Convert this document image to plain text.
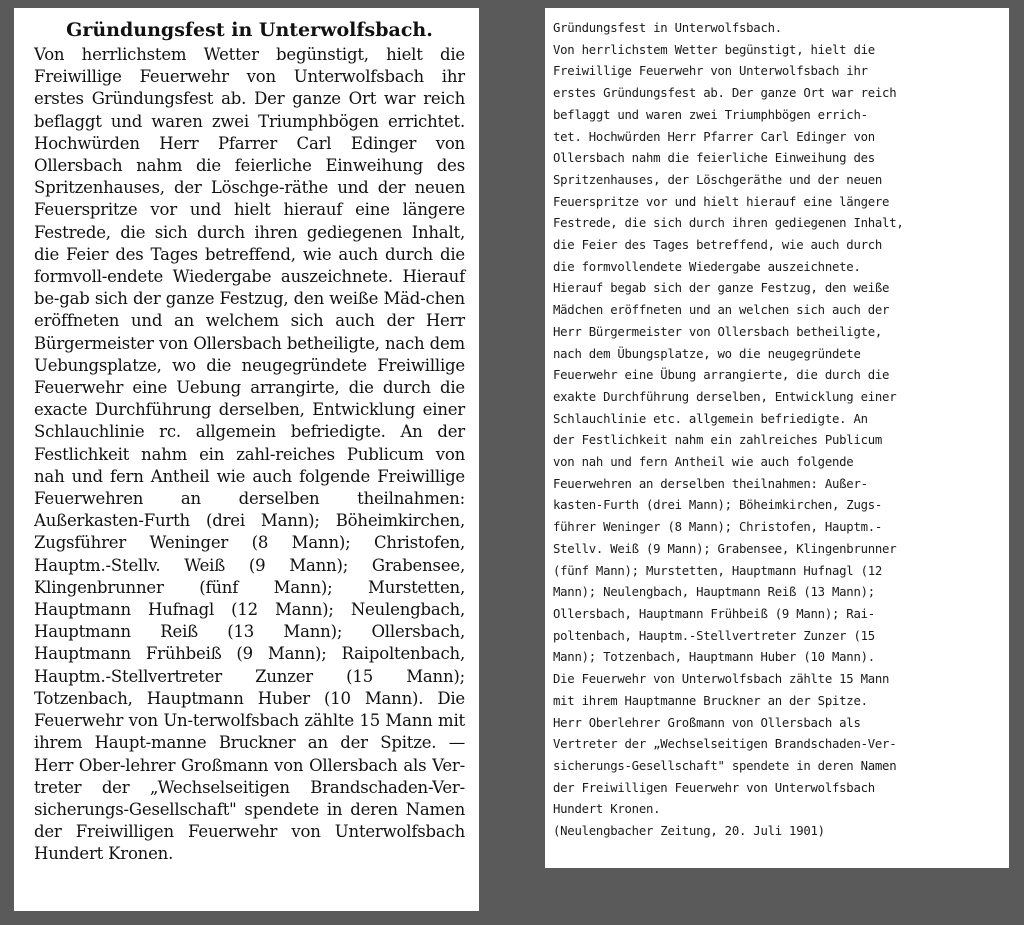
Gründungsfest in Unterwolfsbach.
Von herrlichstem Wetter begünstigt, hielt die Freiwillige Feuerwehr von Unterwolfsbach ihr erstes Gründungsfest ab. Der ganze Ort war reich beflaggt und waren zwei Triumphbögen errichtet. Hochwürden Herr Pfarrer Carl Edinger von Ollersbach nahm die feierliche Einweihung des Spritzenhauses, der Löschge-räthe und der neuen Feuerspritze vor und hielt hierauf eine längere Festrede, die sich durch ihren gediegenen Inhalt, die Feier des Tages betreffend, wie auch durch die formvoll-endete Wiedergabe auszeichnete. Hierauf be-gab sich der ganze Festzug, den weiße Mäd-chen eröffneten und an welchem sich auch der Herr Bürgermeister von Ollersbach betheiligte, nach dem Uebungsplatze, wo die neugegründete Freiwillige Feuerwehr eine Uebung arrangirte, die durch die exacte Durchführung derselben, Entwicklung einer Schlauchlinie rc. allgemein befriedigte. An der Festlichkeit nahm ein zahl-reiches Publicum von nah und fern Antheil wie auch folgende Freiwillige Feuerwehren an derselben theilnahmen: Außerkasten-Furth (drei Mann); Böheimkirchen, Zugsführer Weninger (8 Mann); Christofen, Hauptm.-Stellv. Weiß (9 Mann); Grabensee, Klingenbrunner (fünf Mann); Murstetten, Hauptmann Hufnagl (12 Mann); Neulengbach, Hauptmann Reiß (13 Mann); Ollersbach, Hauptmann Frühbeiß (9 Mann); Raipoltenbach, Hauptm.-Stellvertreter Zunzer (15 Mann); Totzenbach, Hauptmann Huber (10 Mann). Die Feuerwehr von Un-terwolfsbach zählte 15 Mann mit ihrem Haupt-manne Bruckner an der Spitze. — Herr Ober-lehrer Großmann von Ollersbach als Ver-treter der „Wechselseitigen Brandschaden-Ver-sicherungs-Gesellschaft" spendete in deren Namen der Freiwilligen Feuerwehr von Unterwolfsbach Hundert Kronen.
Gründungsfest in Unterwolfsbach.
Von herrlichstem Wetter begünstigt, hielt die
Freiwillige Feuerwehr von Unterwolfsbach ihr
erstes Gründungsfest ab. Der ganze Ort war reich
beflaggt und waren zwei Triumphbögen errich-
tet. Hochwürden Herr Pfarrer Carl Edinger von
Ollersbach nahm die feierliche Einweihung des
Spritzenhauses, der Löschgeräthe und der neuen
Feuerspritze vor und hielt hierauf eine längere
Festrede, die sich durch ihren gediegenen Inhalt,
die Feier des Tages betreffend, wie auch durch
die formvollendete Wiedergabe auszeichnete.
Hierauf begab sich der ganze Festzug, den weiße
Mädchen eröffneten und an welchen sich auch der
Herr Bürgermeister von Ollersbach betheiligte,
nach dem Übungsplatze, wo die neugegründete
Feuerwehr eine Übung arrangierte, die durch die
exakte Durchführung derselben, Entwicklung einer
Schlauchlinie etc. allgemein befriedigte. An
der Festlichkeit nahm ein zahlreiches Publicum
von nah und fern Antheil wie auch folgende
Feuerwehren an derselben theilnahmen: Außer-
kasten-Furth (drei Mann); Böheimkirchen, Zugs-
führer Weninger (8 Mann); Christofen, Hauptm.-
Stellv. Weiß (9 Mann); Grabensee, Klingenbrunner
(fünf Mann); Murstetten, Hauptmann Hufnagl (12
Mann); Neulengbach, Hauptmann Reiß (13 Mann);
Ollersbach, Hauptmann Frühbeiß (9 Mann); Rai-
poltenbach, Hauptm.-Stellvertreter Zunzer (15
Mann); Totzenbach, Hauptmann Huber (10 Mann).
Die Feuerwehr von Unterwolfsbach zählte 15 Mann
mit ihrem Hauptmanne Bruckner an der Spitze.
Herr Oberlehrer Großmann von Ollersbach als
Vertreter der „Wechselseitigen Brandschaden-Ver-
sicherungs-Gesellschaft" spendete in deren Namen
der Freiwilligen Feuerwehr von Unterwolfsbach
Hundert Kronen.
(Neulengbacher Zeitung, 20. Juli 1901)
